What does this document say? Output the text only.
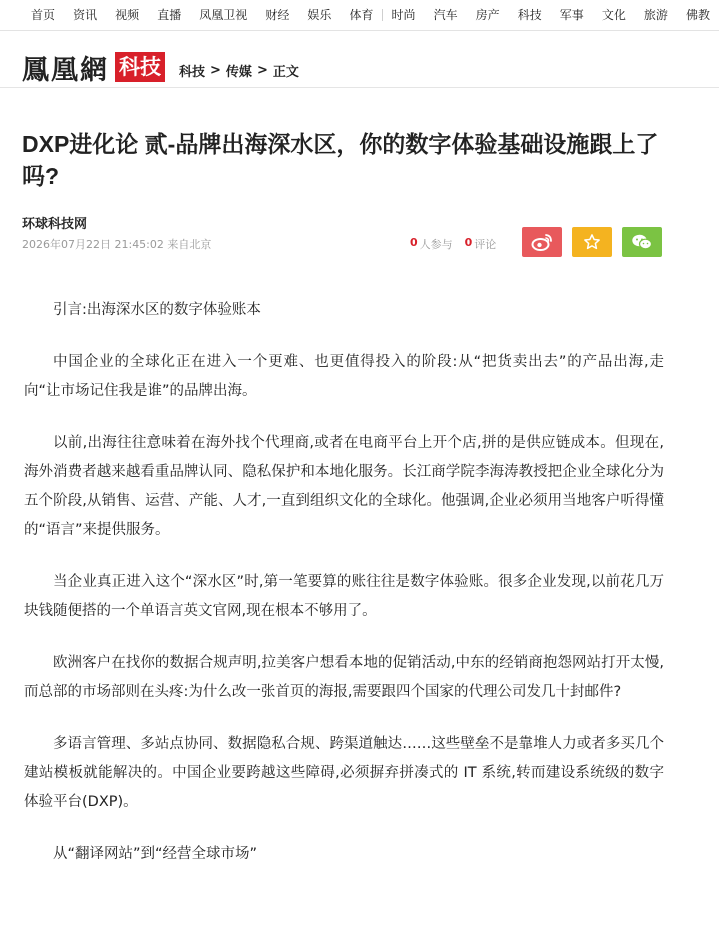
首页	资讯	视频	直播	凤凰卫视	财经	娱乐	体育	时尚	汽车	房产	科技	军事	文化	旅游	佛教
鳳凰網 科技	科技 > 传媒 > 正文
DXP进化论 贰-品牌出海深水区，你的数字体验基础设施跟上了吗?
环球科技网
2026年07月22日 21:45:02 来自北京	0 人参与 0 评论

引言:出海深水区的数字体验账本

中国企业的全球化正在进入一个更难、也更值得投入的阶段:从“把货卖出去”的产品出海,走向“让市场记住我是谁”的品牌出海。

以前,出海往往意味着在海外找个代理商,或者在电商平台上开个店,拼的是供应链成本。但现在,海外消费者越来越看重品牌认同、隐私保护和本地化服务。长江商学院李海涛教授把企业全球化分为五个阶段,从销售、运营、产能、人才,一直到组织文化的全球化。他强调,企业必须用当地客户听得懂的“语言”来提供服务。

当企业真正进入这个“深水区”时,第一笔要算的账往往是数字体验账。很多企业发现,以前花几万块钱随便搭的一个单语言英文官网,现在根本不够用了。

欧洲客户在找你的数据合规声明,拉美客户想看本地的促销活动,中东的经销商抱怨网站打开太慢,而总部的市场部则在头疼:为什么改一张首页的海报,需要跟四个国家的代理公司发几十封邮件?

多语言管理、多站点协同、数据隐私合规、跨渠道触达……这些壁垒不是靠堆人力或者多买几个建站模板就能解决的。中国企业要跨越这些障碍,必须摒弃拼凑式的 IT 系统,转而建设系统级的数字体验平台(DXP)。

从“翻译网站”到“经营全球市场”
